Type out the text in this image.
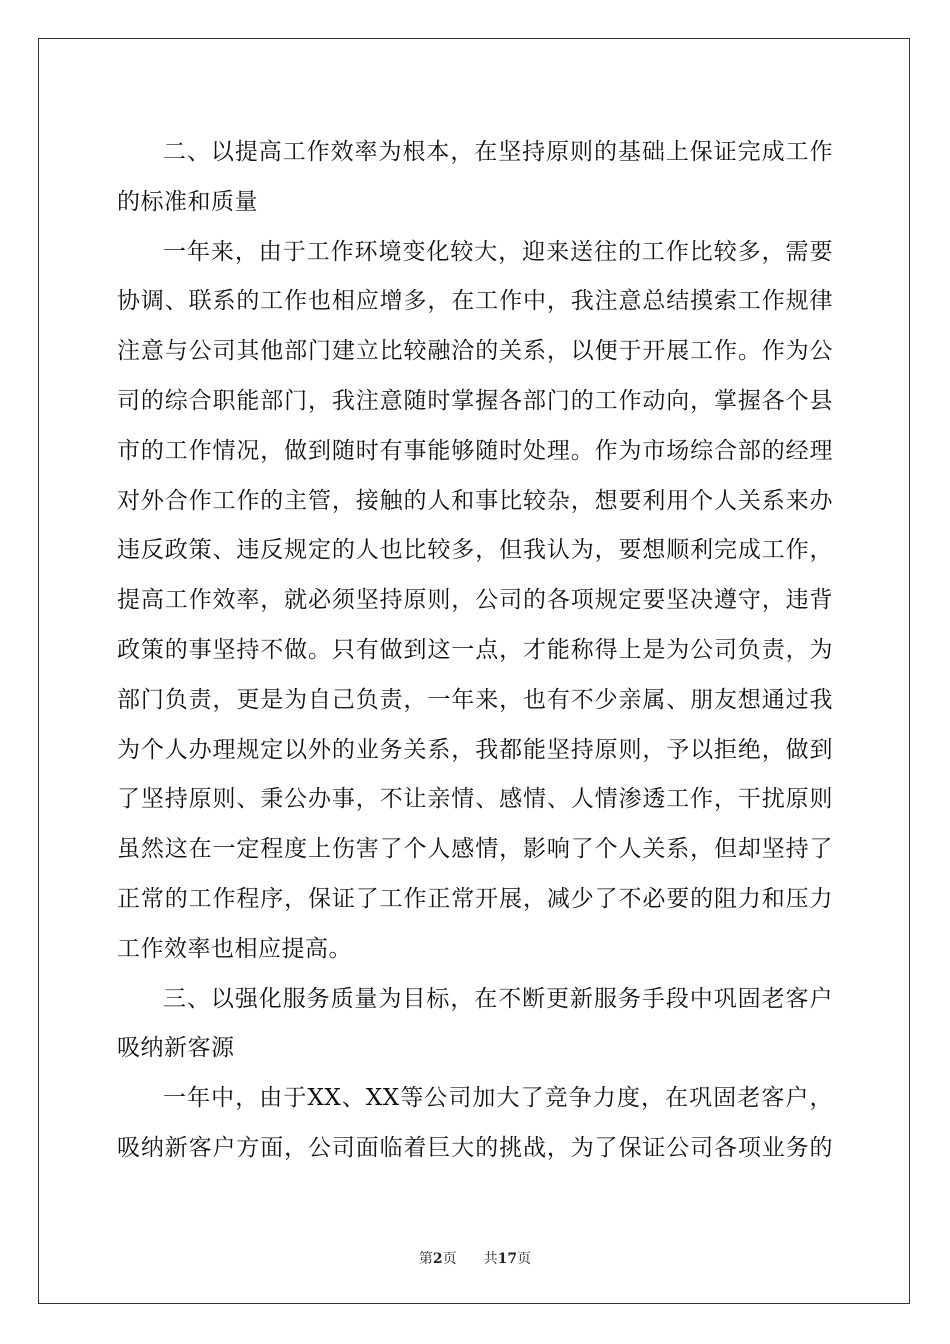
二、以提高工作效率为根本，在坚持原则的基础上保证完成工作
的标准和质量
一年来，由于工作环境变化较大，迎来送往的工作比较多，需要
协调、联系的工作也相应增多，在工作中，我注意总结摸索工作规律
注意与公司其他部门建立比较融洽的关系，以便于开展工作。作为公
司的综合职能部门，我注意随时掌握各部门的工作动向，掌握各个县
市的工作情况，做到随时有事能够随时处理。作为市场综合部的经理
对外合作工作的主管，接触的人和事比较杂，想要利用个人关系来办
违反政策、违反规定的人也比较多，但我认为，要想顺利完成工作，
提高工作效率，就必须坚持原则，公司的各项规定要坚决遵守，违背
政策的事坚持不做。只有做到这一点，才能称得上是为公司负责，为
部门负责，更是为自己负责，一年来，也有不少亲属、朋友想通过我
为个人办理规定以外的业务关系，我都能坚持原则，予以拒绝，做到
了坚持原则、秉公办事，不让亲情、感情、人情渗透工作，干扰原则
虽然这在一定程度上伤害了个人感情，影响了个人关系，但却坚持了
正常的工作程序，保证了工作正常开展，减少了不必要的阻力和压力
工作效率也相应提高。
三、以强化服务质量为目标，在不断更新服务手段中巩固老客户
吸纳新客源
一年中，由于XX、XX等公司加大了竞争力度，在巩固老客户，
吸纳新客户方面，公司面临着巨大的挑战，为了保证公司各项业务的
第2页 共17页
